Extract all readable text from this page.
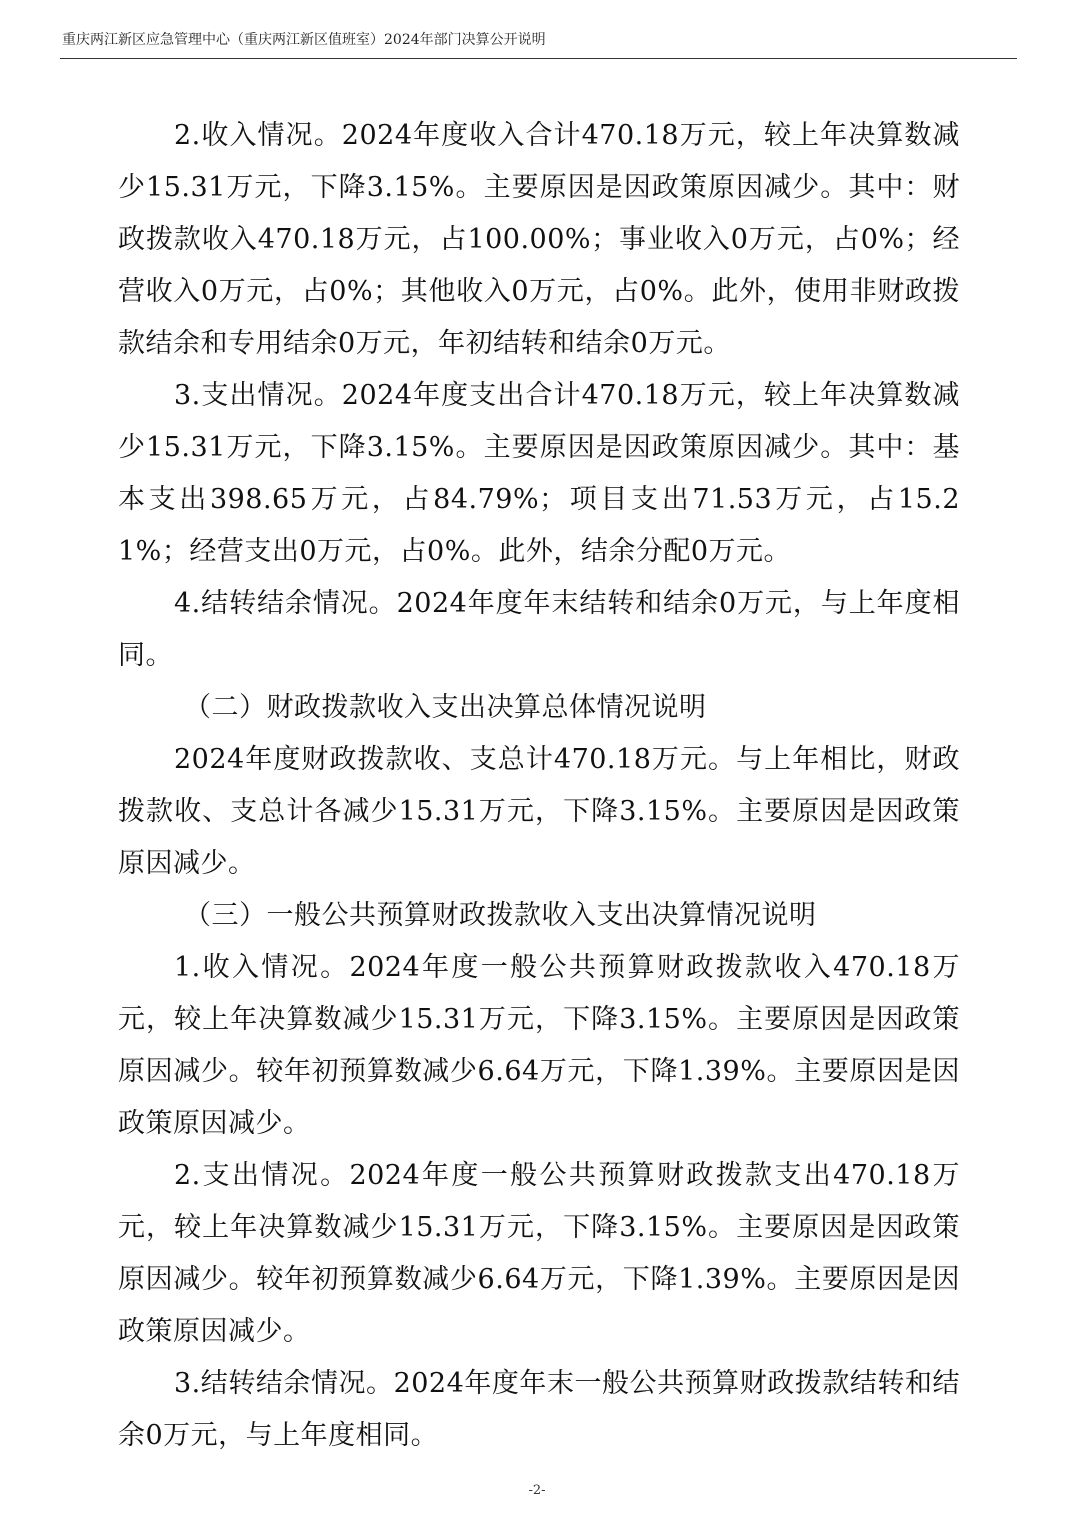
重庆两江新区应急管理中心（重庆两江新区值班室）2024年部门决算公开说明

2.收入情况。2024年度收入合计470.18万元，较上年决算数减少15.31万元，下降3.15%。主要原因是因政策原因减少。其中：财政拨款收入470.18万元，占100.00%；事业收入0万元，占0%；经营收入0万元，占0%；其他收入0万元，占0%。此外，使用非财政拨款结余和专用结余0万元，年初结转和结余0万元。

3.支出情况。2024年度支出合计470.18万元，较上年决算数减少15.31万元，下降3.15%。主要原因是因政策原因减少。其中：基本支出398.65万元，占84.79%；项目支出71.53万元，占15.21%；经营支出0万元，占0%。此外，结余分配0万元。

4.结转结余情况。2024年度年末结转和结余0万元，与上年度相同。

（二）财政拨款收入支出决算总体情况说明

2024年度财政拨款收、支总计470.18万元。与上年相比，财政拨款收、支总计各减少15.31万元，下降3.15%。主要原因是因政策原因减少。

（三）一般公共预算财政拨款收入支出决算情况说明

1.收入情况。2024年度一般公共预算财政拨款收入470.18万元，较上年决算数减少15.31万元，下降3.15%。主要原因是因政策原因减少。较年初预算数减少6.64万元，下降1.39%。主要原因是因政策原因减少。

2.支出情况。2024年度一般公共预算财政拨款支出470.18万元，较上年决算数减少15.31万元，下降3.15%。主要原因是因政策原因减少。较年初预算数减少6.64万元，下降1.39%。主要原因是因政策原因减少。

3.结转结余情况。2024年度年末一般公共预算财政拨款结转和结余0万元，与上年度相同。

-2-
